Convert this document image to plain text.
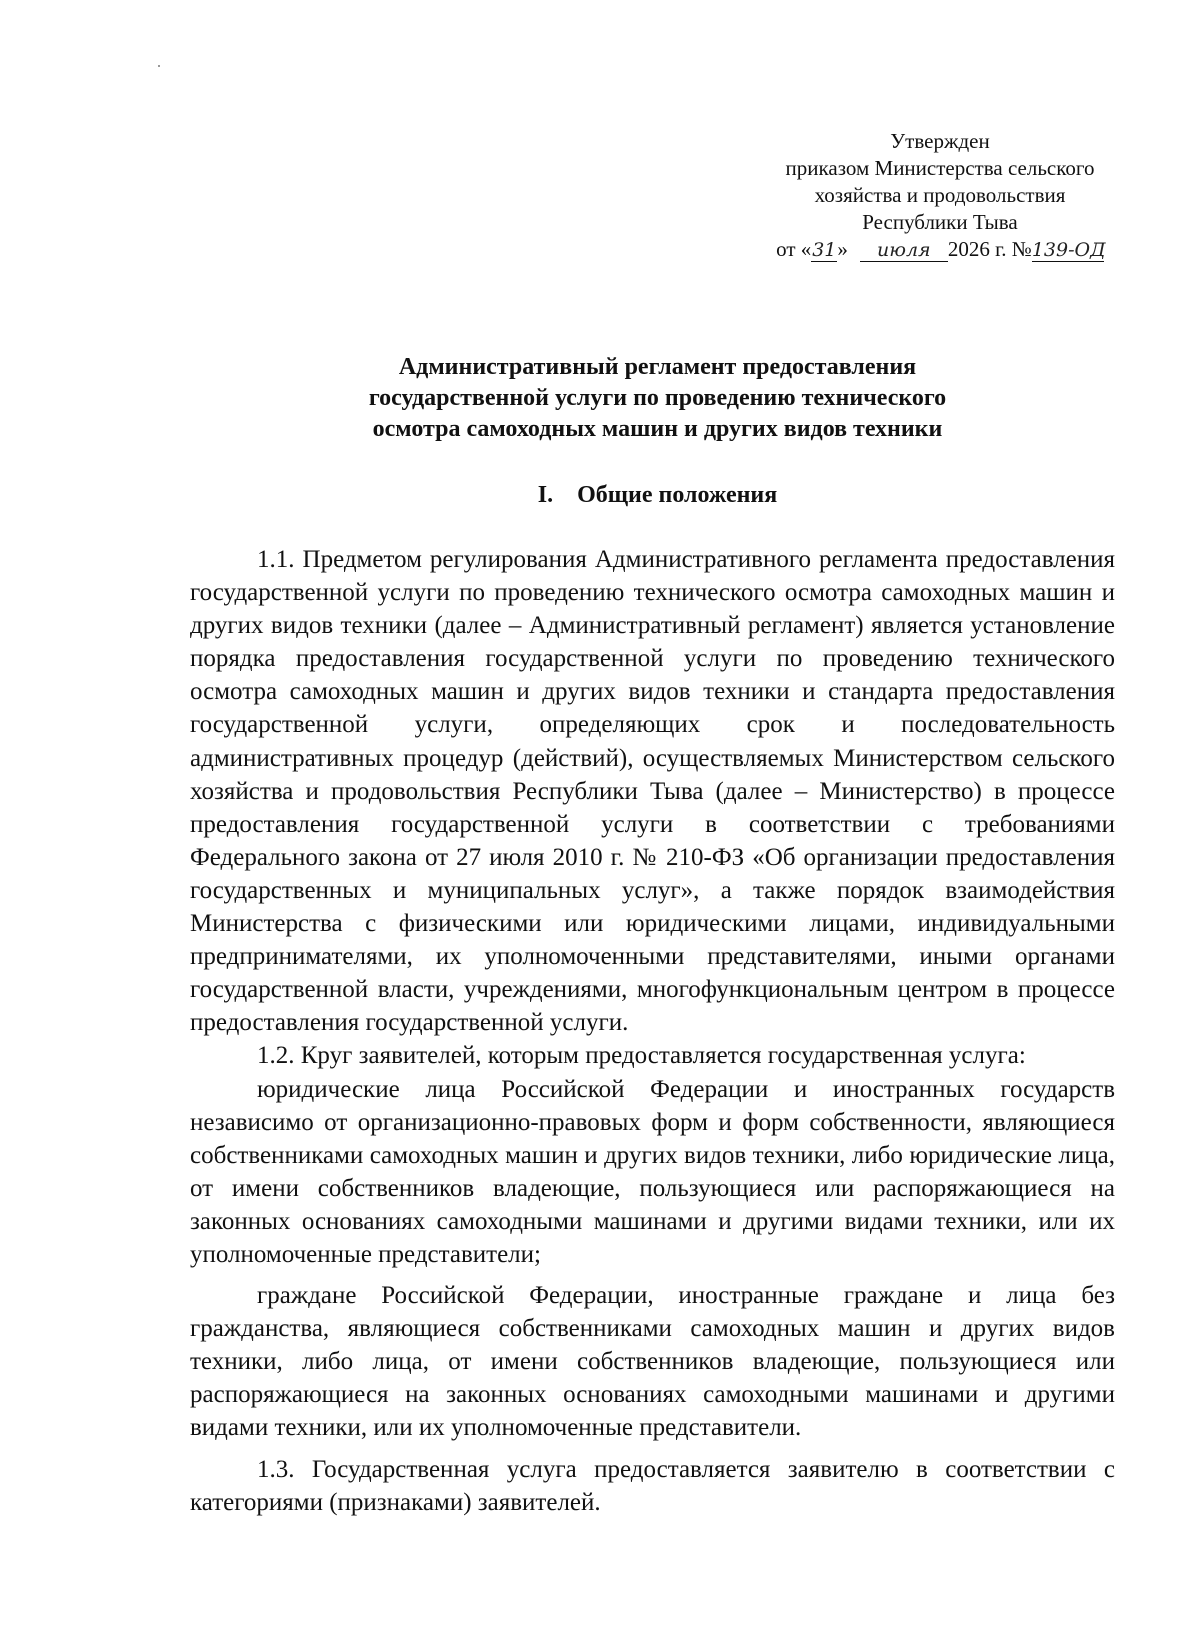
Утвержден
приказом Министерства сельского
хозяйства и продовольствия
Республики Тыва
от «31» июля 2026 г. №139-ОД
Административный регламент предоставления
государственной услуги по проведению технического
осмотра самоходных машин и других видов техники
I. Общие положения

1.1. Предметом регулирования Административного регламента предоставления государственной услуги по проведению технического осмотра самоходных машин и других видов техники (далее – Административный регламент) является установление порядка предоставления государственной услуги по проведению технического осмотра самоходных машин и других видов техники и стандарта предоставления государственной услуги, определяющих срок и последовательность административных процедур (действий), осуществляемых Министерством сельского хозяйства и продовольствия Республики Тыва (далее – Министерство) в процессе предоставления государственной услуги в соответствии с требованиями Федерального закона от 27 июля 2010 г. № 210-ФЗ «Об организации предоставления государственных и муниципальных услуг», а также порядок взаимодействия Министерства с физическими или юридическими лицами, индивидуальными предпринимателями, их уполномоченными представителями, иными органами государственной власти, учреждениями, многофункциональным центром в процессе предоставления государственной услуги.

1.2. Круг заявителей, которым предоставляется государственная услуга:

юридические лица Российской Федерации и иностранных государств независимо от организационно-правовых форм и форм собственности, являющиеся собственниками самоходных машин и других видов техники, либо юридические лица, от имени собственников владеющие, пользующиеся или распоряжающиеся на законных основаниях самоходными машинами и другими видами техники, или их уполномоченные представители;

граждане Российской Федерации, иностранные граждане и лица без гражданства, являющиеся собственниками самоходных машин и других видов техники, либо лица, от имени собственников владеющие, пользующиеся или распоряжающиеся на законных основаниях самоходными машинами и другими видами техники, или их уполномоченные представители.

1.3. Государственная услуга предоставляется заявителю в соответствии с категориями (признаками) заявителей.
